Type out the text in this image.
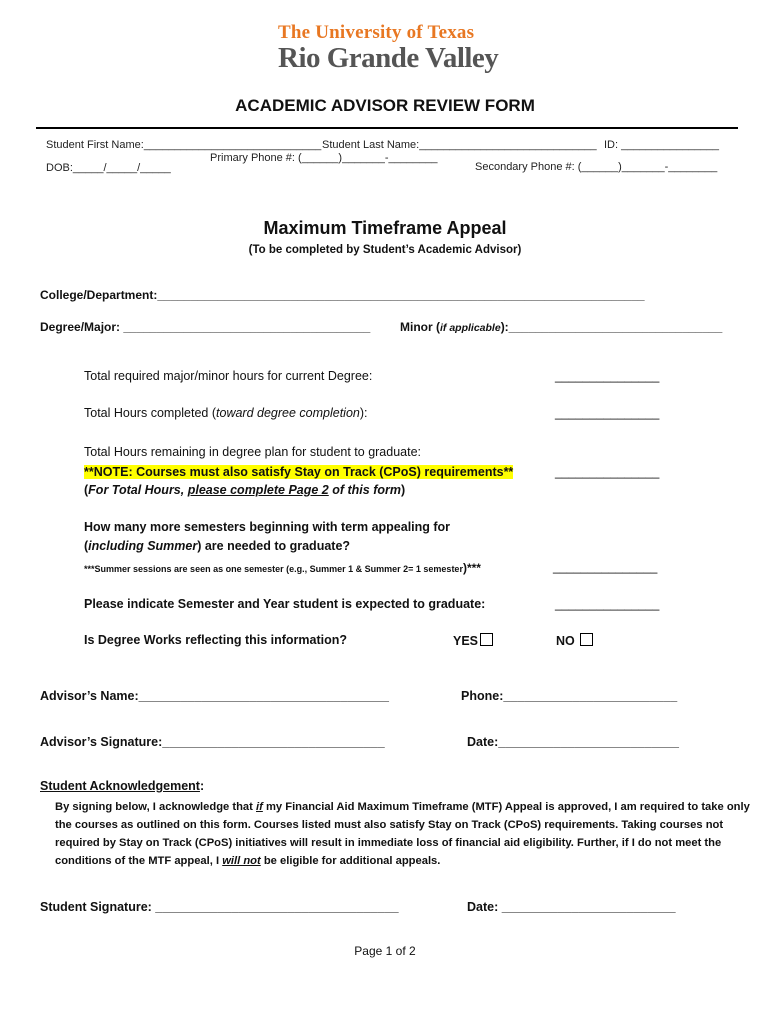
The University of Texas
Rio Grande Valley
ACADEMIC ADVISOR REVIEW FORM
Student First Name:_____________________________ Student Last Name:_____________________________ ID: ________________
DOB:_____/_____/_____
Primary Phone #: (______)_______-________
Secondary Phone #: (______)_______-________
Maximum Timeframe Appeal
(To be completed by Student’s Academic Advisor)
College/Department:_________________________________________________________________________
Degree/Major: _____________________________________ Minor (if applicable):________________________________
Total required major/minor hours for current Degree:	_______________
Total Hours completed (toward degree completion):	_______________
Total Hours remaining in degree plan for student to graduate:
**NOTE: Courses must also satisfy Stay on Track (CPoS) requirements**
(For Total Hours, please complete Page 2 of this form)
_______________
How many more semesters beginning with term appealing for
(including Summer) are needed to graduate?
***Summer sessions are seen as one semester (e.g., Summer 1 & Summer 2= 1 semester)***	_______________
Please indicate Semester and Year student is expected to graduate:	_______________
Is Degree Works reflecting this information?	YES	NO
Advisor’s Name:____________________________________	Phone:_________________________
Advisor’s Signature:________________________________	Date:__________________________
Student Acknowledgement:
By signing below, I acknowledge that if my Financial Aid Maximum Timeframe (MTF) Appeal is approved, I am required to take only the courses as outlined on this form. Courses listed must also satisfy Stay on Track (CPoS) requirements. Taking courses not required by Stay on Track (CPoS) initiatives will result in immediate loss of financial aid eligibility. Further, if I do not meet the conditions of the MTF appeal, I will not be eligible for additional appeals.
Student Signature: ___________________________________	Date: _________________________
Page 1 of 2
